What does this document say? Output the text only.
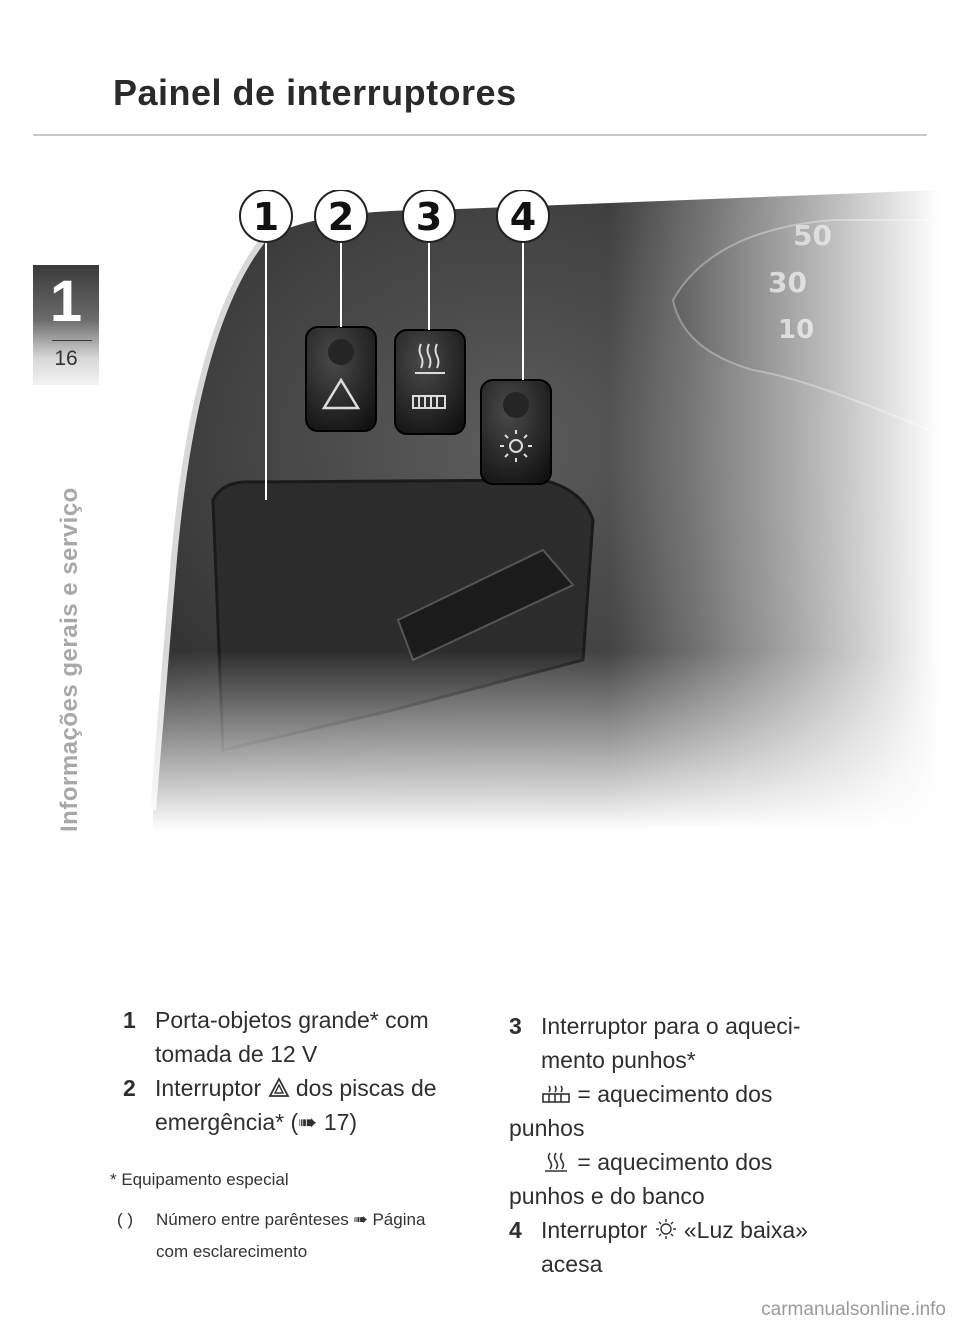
Painel de interruptores
1
16
Informações gerais e serviço
1 2 3 4
1 Porta-objetos grande* com
tomada de 12 V
2 Interruptor dos piscas de
emergência* (➠ 17)
3 Interruptor para o aqueci-
mento punhos*
= aquecimento dos
punhos
= aquecimento dos
punhos e do banco
4 Interruptor «Luz baixa»
acesa
* Equipamento especial
( ) Número entre parênteses ➠ Página
com esclarecimento
carmanualsonline.info
